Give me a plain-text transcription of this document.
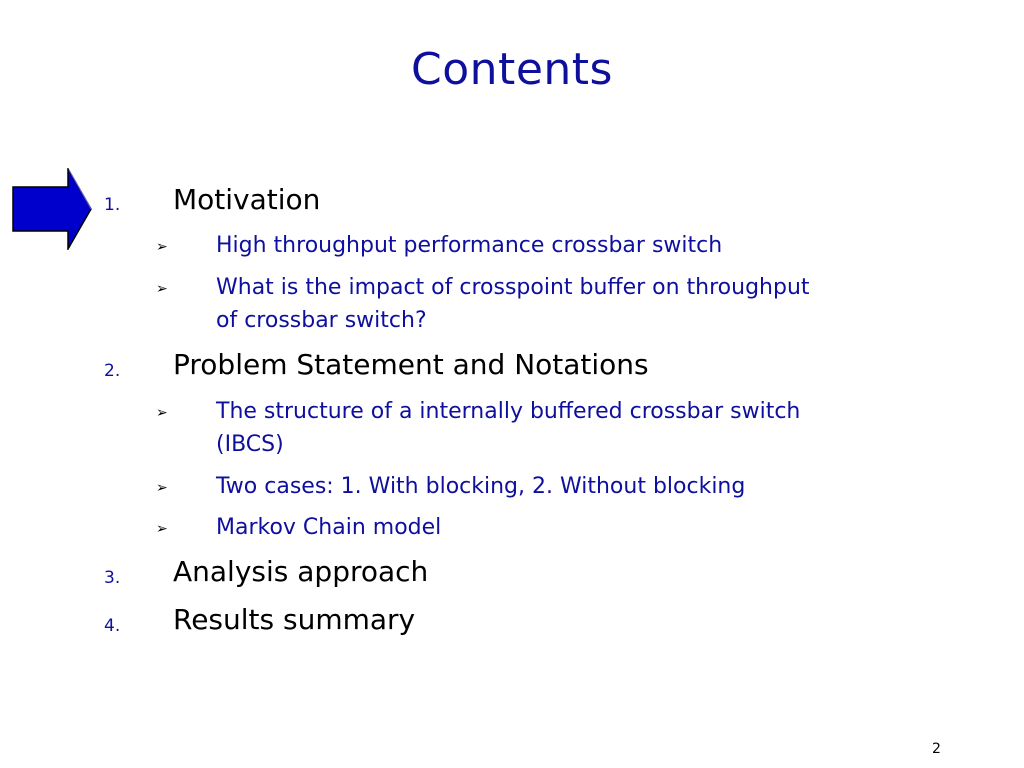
Contents
1. Motivation
➢ High throughput performance crossbar switch
➢ What is the impact of crosspoint buffer on throughput of crossbar switch?
2. Problem Statement and Notations
➢ The structure of a internally buffered crossbar switch (IBCS)
➢ Two cases: 1. With blocking, 2. Without blocking
➢ Markov Chain model
3. Analysis approach
4. Results summary
2
